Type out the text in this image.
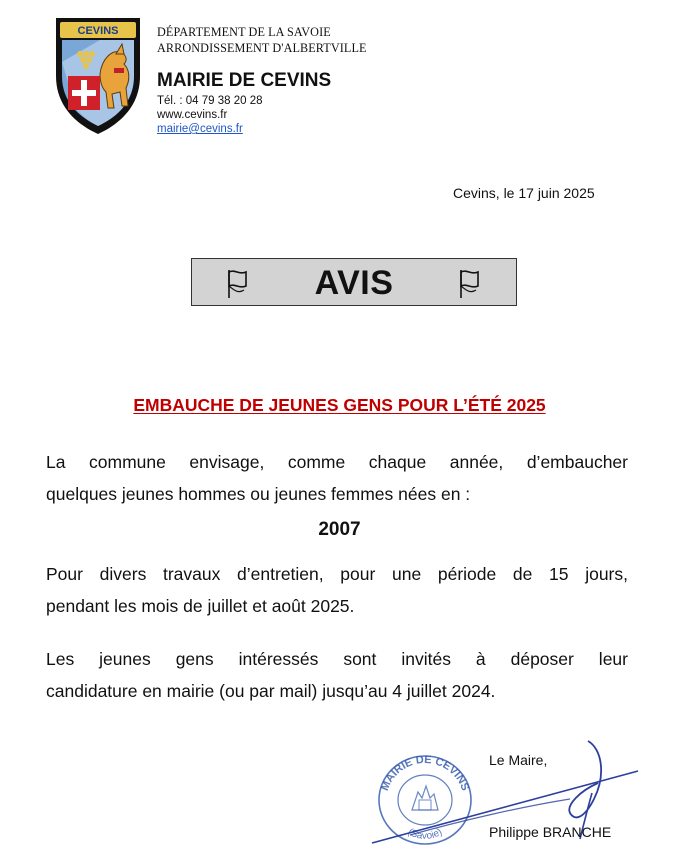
CEVINS	DÉPARTEMENT DE LA SAVOIE
ARRONDISSEMENT D'ALBERTVILLE
MAIRIE DE CEVINS
Tél. : 04 79 38 20 28
www.cevins.fr
mairie@cevins.fr
Cevins, le 17 juin 2025
AVIS
EMBAUCHE DE JEUNES GENS POUR L’ÉTÉ 2025
La commune envisage, comme chaque année, d’embaucher
quelques jeunes hommes ou jeunes femmes nées en :
2007
Pour divers travaux d’entretien, pour une période de 15 jours,
pendant les mois de juillet et août 2025.
Les jeunes gens intéressés sont invités à déposer leur
candidature en mairie (ou par mail) jusqu’au 4 juillet 2024.
MAIRIE DE CEVINS
(Savoie)
Le Maire,
Philippe BRANCHE
